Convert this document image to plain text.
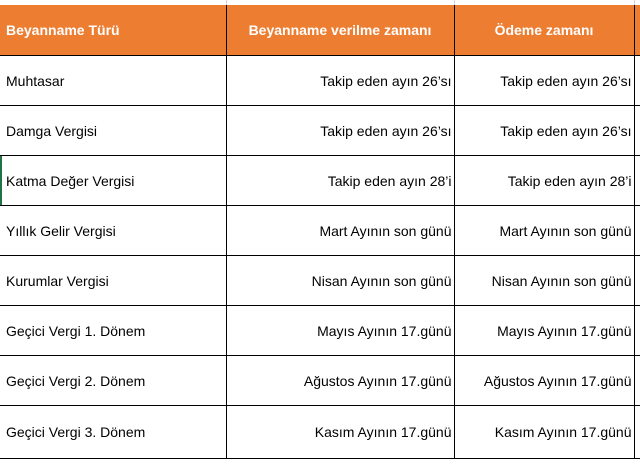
Beyanname Türü	Beyanname verilme zamanı	Ödeme zamanı	
Muhtasar	Takip eden ayın 26’sı	Takip eden ayın 26’sı	
Damga Vergisi	Takip eden ayın 26’sı	Takip eden ayın 26’sı	
Katma Değer Vergisi	Takip eden ayın 28’i	Takip eden ayın 28’i	
Yıllık Gelir Vergisi	Mart Ayının son günü	Mart Ayının son günü	
Kurumlar Vergisi	Nisan Ayının son günü	Nisan Ayının son günü	
Geçici Vergi 1. Dönem	Mayıs Ayının 17.günü	Mayıs Ayının 17.günü	
Geçici Vergi 2. Dönem	Ağustos Ayının 17.günü	Ağustos Ayının 17.günü	
Geçici Vergi 3. Dönem	Kasım Ayının 17.günü	Kasım Ayının 17.günü	
